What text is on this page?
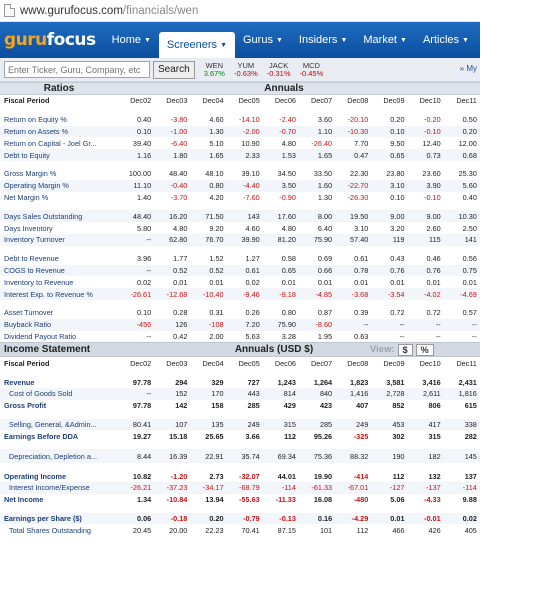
www.gurufocus.com /financials/wen
gurufocus Home ▼ Screeners ▼ Gurus ▼ Insiders ▼ Market ▼ Articles ▼ Portfolio ▼
Enter Ticker, Guru, Company, etc
Search	WEN
3.67%
YUM
-0.63%
JACK
-0.31%
MCD
-0.45%	» My
Ratios	Annuals
Fiscal Period	Dec02	Dec03	Dec04	Dec05	Dec06	Dec07	Dec08	Dec09	Dec10	Dec11
Return on Equity %	0.40	-3.80	4.60	-14.10	-2.40	3.60	-20.10	0.20	-0.20	0.50
Return on Assets %	0.10	-1.00	1.30	-2.00	-0.70	1.10	-10.30	0.10	-0.10	0.20
Return on Capital - Joel Gr...	39.40	-6.40	5.10	10.90	4.80	-26.40	7.70	9.50	12.40	12.00
Debt to Equity	1.16	1.80	1.65	2.33	1.53	1.65	0.47	0.65	0.73	0.68
Gross Margin %	100.00	48.40	48.10	39.10	34.50	33.50	22.30	23.80	23.60	25.30
Operating Margin %	11.10	-0.40	0.80	-4.40	3.50	1.60	-22.70	3.10	3.90	5.60
Net Margin %	1.40	-3.70	4.20	-7.60	-0.90	1.30	-26.30	0.10	-0.10	0.40
Days Sales Outstanding	48.40	16.20	71.50	143	17.60	8.00	19.50	9.00	9.00	10.30
Days Inventory	5.80	4.80	9.20	4.60	4.80	6.40	3.10	3.20	2.60	2.50
Inventory Turnover	--	62.80	76.70	39.90	81.20	75.90	57.40	119	115	141
Debt to Revenue	3.96	1.77	1.52	1.27	0.58	0.69	0.61	0.43	0.46	0.56
COGS to Revenue	--	0.52	0.52	0.61	0.65	0.66	0.78	0.76	0.76	0.75
Inventory to Revenue	0.02	0.01	0.01	0.02	0.01	0.01	0.01	0.01	0.01	0.01
Interest Exp. to Revenue %	-26.61	-12.68	-10.40	-9.46	-9.18	-4.85	-3.68	-3.54	-4.02	-4.69
Asset Turnover	0.10	0.28	0.31	0.26	0.80	0.87	0.39	0.72	0.72	0.57
Buyback Ratio	-456	126	-108	7.20	75.90	-8.60	--	--	--	--
Dividend Payout Ratio	--	0.42	2.00	5.63	3.28	1.95	0.63	--	--	--
Income Statement	Annuals (USD $)	View: $	%
Fiscal Period	Dec02	Dec03	Dec04	Dec05	Dec06	Dec07	Dec08	Dec09	Dec10	Dec11
Revenue	97.78	294	329	727	1,243	1,264	1,823	3,581	3,416	2,431
Cost of Goods Sold	--	152	170	443	814	840	1,416	2,728	2,611	1,816
Gross Profit	97.78	142	158	285	429	423	407	852	806	615
Selling, General, &Admin...	80.41	107	135	249	315	285	249	453	417	338
Earnings Before DDA	19.27	15.18	25.65	3.66	112	95.26	-325	302	315	282
Depreciation, Depletion a...	8.44	16.39	22.91	35.74	69.34	75.36	88.32	190	182	145
Operating Income	10.82	-1.20	2.73	-32.07	44.01	19.90	-414	112	132	137
Interest Income/Expense	-26.21	-37.23	-34.17	-68.79	-114	-61.33	-67.01	-127	-137	-114
Net Income	1.34	-10.84	13.94	-55.63	-11.33	16.08	-480	5.06	-4.33	9.88
Earnings per Share ($)	0.06	-0.18	0.20	-0.79	-0.13	0.16	-4.29	0.01	-0.01	0.02
Total Shares Outstanding	20.45	20.00	22.23	70.41	87.15	101	112	466	426	405
